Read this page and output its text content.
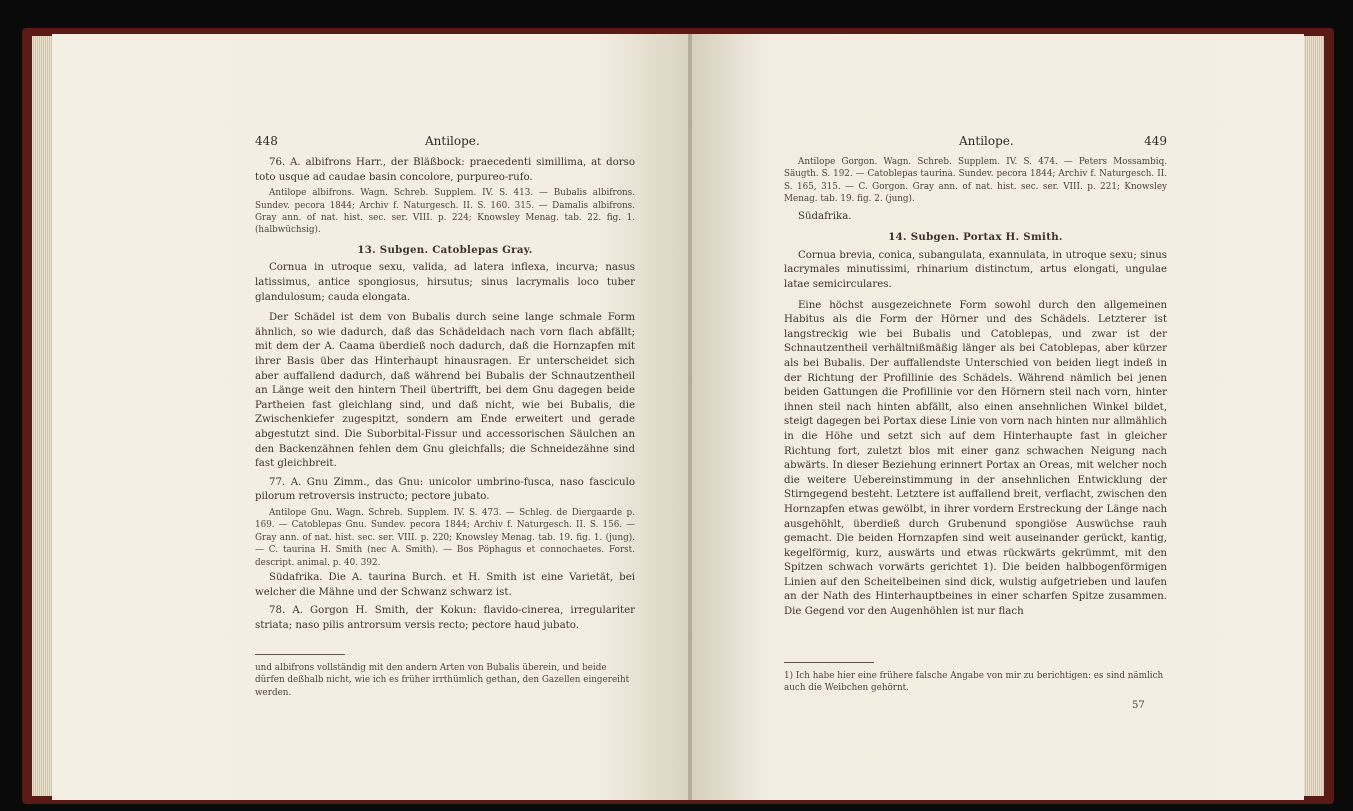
448	Antilope.

76. A. albifrons Harr., der Bläßbock: praecedenti simillima, at dorso toto usque ad caudae basin concolore, purpureo-rufo.

Antilope albifrons. Wagn. Schreb. Supplem. IV. S. 413. — Bubalis albifrons. Sundev. pecora 1844; Archiv f. Naturgesch. II. S. 160. 315. — Damalis albifrons. Gray ann. of nat. hist. sec. ser. VIII. p. 224; Knowsley Menag. tab. 22. fig. 1. (halbwüchsig).

13. Subgen. Catoblepas Gray.

Cornua in utroque sexu, valida, ad latera inflexa, incurva; nasus latissimus, antice spongiosus, hirsutus; sinus lacrymalis loco tuber glandulosum; cauda elongata.

Der Schädel ist dem von Bubalis durch seine lange schmale Form ähnlich, so wie dadurch, daß das Schädeldach nach vorn flach abfällt; mit dem der A. Caama überdieß noch dadurch, daß die Hornzapfen mit ihrer Basis über das Hinterhaupt hinausragen. Er unterscheidet sich aber auffallend dadurch, daß während bei Bubalis der Schnautzentheil an Länge weit den hintern Theil übertrifft, bei dem Gnu dagegen beide Partheien fast gleichlang sind, und daß nicht, wie bei Bubalis, die Zwischenkiefer zugespitzt, sondern am Ende erweitert und gerade abgestutzt sind. Die Suborbital-Fissur und accessorischen Säulchen an den Backenzähnen fehlen dem Gnu gleichfalls; die Schneidezähne sind fast gleichbreit.

77. A. Gnu Zimm., das Gnu: unicolor umbrino-fusca, naso fasciculo pilorum retroversis instructo; pectore jubato.

Antilope Gnu. Wagn. Schreb. Supplem. IV. S. 473. — Schleg. de Diergaarde p. 169. — Catoblepas Gnu. Sundev. pecora 1844; Archiv f. Naturgesch. II. S. 156. — Gray ann. of nat. hist. sec. ser. VIII. p. 220; Knowsley Menag. tab. 19. fig. 1. (jung). — C. taurina H. Smith (nec A. Smith). — Bos Pöphagus et connochaetes. Forst. descript. animal. p. 40. 392.

Südafrika. Die A. taurina Burch. et H. Smith ist eine Varietät, bei welcher die Mähne und der Schwanz schwarz ist.

78. A. Gorgon H. Smith, der Kokun: flavido-cinerea, irregulariter striata; naso pilis antrorsum versis recto; pectore haud jubato.

und albifrons vollständig mit den andern Arten von Bubalis überein, und beide dürfen deßhalb nicht, wie ich es früher irrthümlich gethan, den Gazellen eingereiht werden.
Antilope.	449

Antilope Gorgon. Wagn. Schreb. Supplem. IV. S. 474. — Peters Mossambiq. Säugth. S. 192. — Catoblepas taurina. Sundev. pecora 1844; Archiv f. Naturgesch. II. S. 165, 315. — C. Gorgon. Gray ann. of nat. hist. sec. ser. VIII. p. 221; Knowsley Menag. tab. 19. fig. 2. (jung).

Südafrika.

14. Subgen. Portax H. Smith.

Cornua brevia, conica, subangulata, exannulata, in utroque sexu; sinus lacrymales minutissimi, rhinarium distinctum, artus elongati, ungulae latae semicirculares.

Eine höchst ausgezeichnete Form sowohl durch den allgemeinen Habitus als die Form der Hörner und des Schädels. Letzterer ist langstreckig wie bei Bubalis und Catoblepas, und zwar ist der Schnautzentheil verhältnißmäßig länger als bei Catoblepas, aber kürzer als bei Bubalis. Der auffallendste Unterschied von beiden liegt indeß in der Richtung der Profillinie des Schädels. Während nämlich bei jenen beiden Gattungen die Profillinie vor den Hörnern steil nach vorn, hinter ihnen steil nach hinten abfällt, also einen ansehnlichen Winkel bildet, steigt dagegen bei Portax diese Linie von vorn nach hinten nur allmählich in die Höhe und setzt sich auf dem Hinterhaupte fast in gleicher Richtung fort, zuletzt blos mit einer ganz schwachen Neigung nach abwärts. In dieser Beziehung erinnert Portax an Oreas, mit welcher noch die weitere Uebereinstimmung in der ansehnlichen Entwicklung der Stirngegend besteht. Letztere ist auffallend breit, verflacht, zwischen den Hornzapfen etwas gewölbt, in ihrer vordern Erstreckung der Länge nach ausgehöhlt, überdieß durch Grubenund spongiöse Auswüchse rauh gemacht. Die beiden Hornzapfen sind weit auseinander gerückt, kantig, kegelförmig, kurz, auswärts und etwas rückwärts gekrümmt, mit den Spitzen schwach vorwärts gerichtet 1). Die beiden halbbogenförmigen Linien auf den Scheitelbeinen sind dick, wulstig aufgetrieben und laufen an der Nath des Hinterhauptbeines in einer scharfen Spitze zusammen. Die Gegend vor den Augenhöhlen ist nur flach

1) Ich habe hier eine frühere falsche Angabe von mir zu berichtigen: es sind nämlich auch die Weibchen gehörnt.
57
